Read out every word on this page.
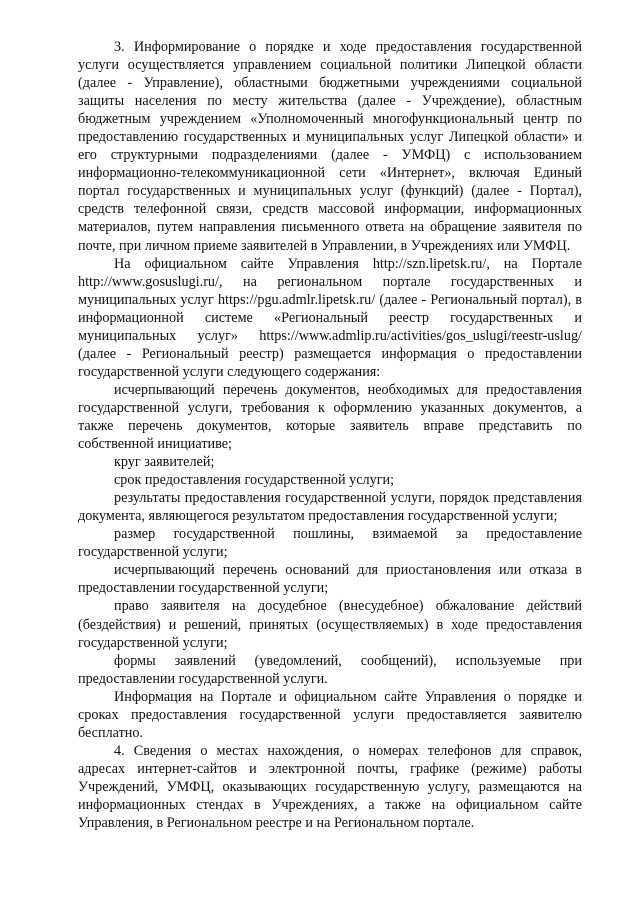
3. Информирование о порядке и ходе предоставления государственной услуги осуществляется управлением социальной политики Липецкой области (далее - Управление), областными бюджетными учреждениями социальной защиты населения по месту жительства (далее - Учреждение), областным бюджетным учреждением «Уполномоченный многофункциональный центр по предоставлению государственных и муниципальных услуг Липецкой области» и его структурными подразделениями (далее - УМФЦ) с использованием информационно-телекоммуникационной сети «Интернет», включая Единый портал государственных и муниципальных услуг (функций) (далее - Портал), средств телефонной связи, средств массовой информации, информационных материалов, путем направления письменного ответа на обращение заявителя по почте, при личном приеме заявителей в Управлении, в Учреждениях или УМФЦ.

На официальном сайте Управления http://szn.lipetsk.ru/, на Портале http://www.gosuslugi.ru/, на региональном портале государственных и муниципальных услуг https://pgu.admlr.lipetsk.ru/ (далее - Региональный портал), в информационной системе «Региональный реестр государственных и муниципальных услуг» https://www.admlip.ru/activities/gos_uslugi/reestr-uslug/ (далее - Региональный реестр) размещается информация о предоставлении государственной услуги следующего содержания:

исчерпывающий перечень документов, необходимых для предоставления государственной услуги, требования к оформлению указанных документов, а также перечень документов, которые заявитель вправе представить по собственной инициативе;

круг заявителей;

срок предоставления государственной услуги;

результаты предоставления государственной услуги, порядок представления документа, являющегося результатом предоставления государственной услуги;

размер государственной пошлины, взимаемой за предоставление государственной услуги;

исчерпывающий перечень оснований для приостановления или отказа в предоставлении государственной услуги;

право заявителя на досудебное (внесудебное) обжалование действий (бездействия) и решений, принятых (осуществляемых) в ходе предоставления государственной услуги;

формы заявлений (уведомлений, сообщений), используемые при предоставлении государственной услуги.

Информация на Портале и официальном сайте Управления о порядке и сроках предоставления государственной услуги предоставляется заявителю бесплатно.

4. Сведения о местах нахождения, о номерах телефонов для справок, адресах интернет-сайтов и электронной почты, графике (режиме) работы Учреждений, УМФЦ, оказывающих государственную услугу, размещаются на информационных стендах в Учреждениях, а также на официальном сайте Управления, в Региональном реестре и на Региональном портале.
